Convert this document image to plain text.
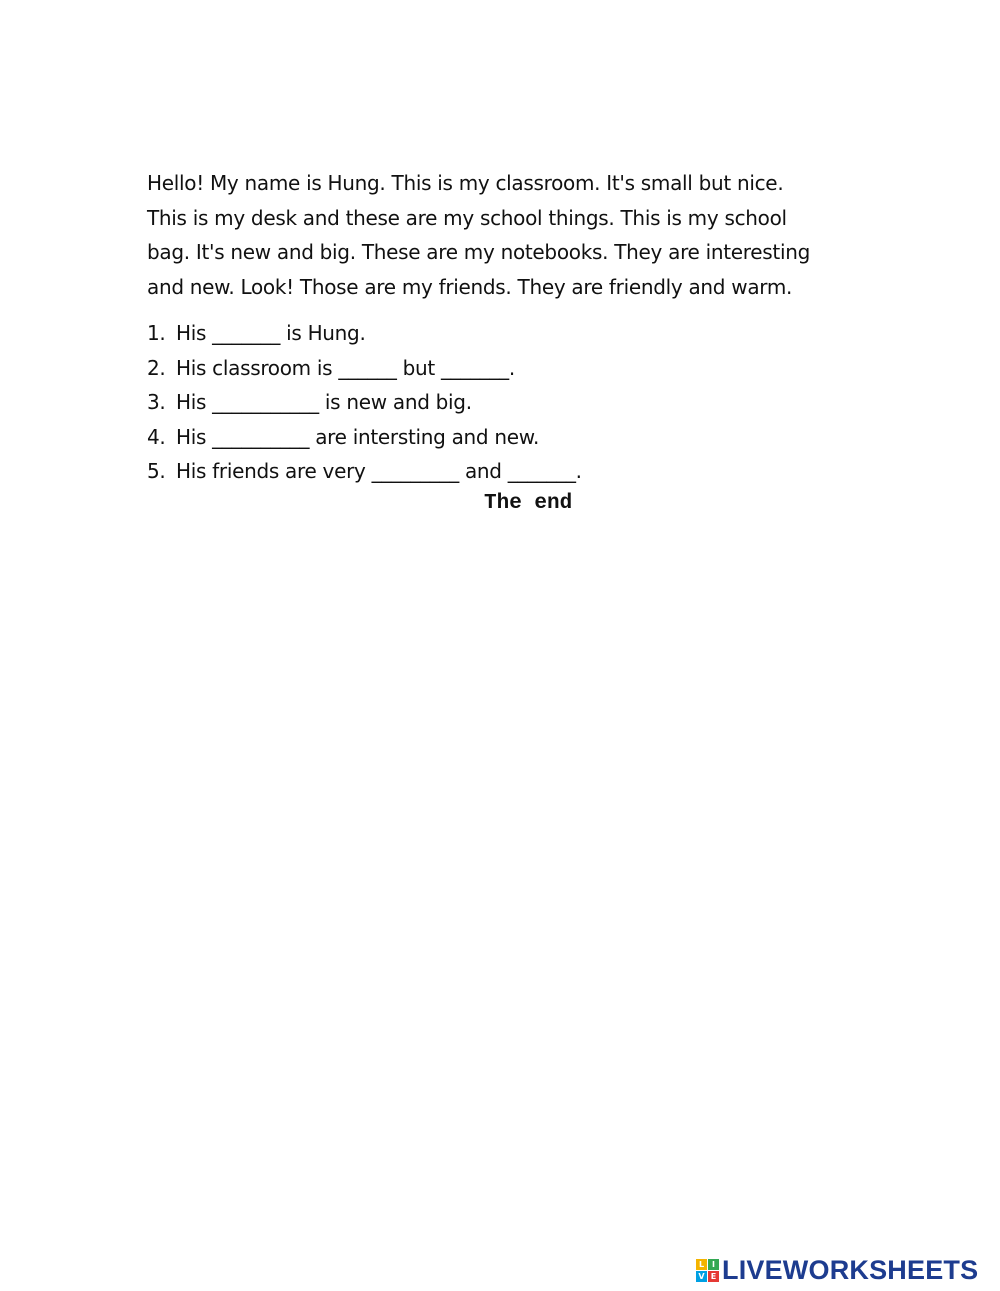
Hello! My name is Hung. This is my classroom. It's small but nice.
This is my desk and these are my school things. This is my school
bag. It's new and big. These are my notebooks. They are interesting
and new. Look! Those are my friends. They are friendly and warm.
1. His _______ is Hung.
2. His classroom is ______ but _______.
3. His ___________ is new and big.
4. His __________ are intersting and new.
5. His friends are very _________ and _______.
The end
L I
V E LIVEWORKSHEETS
